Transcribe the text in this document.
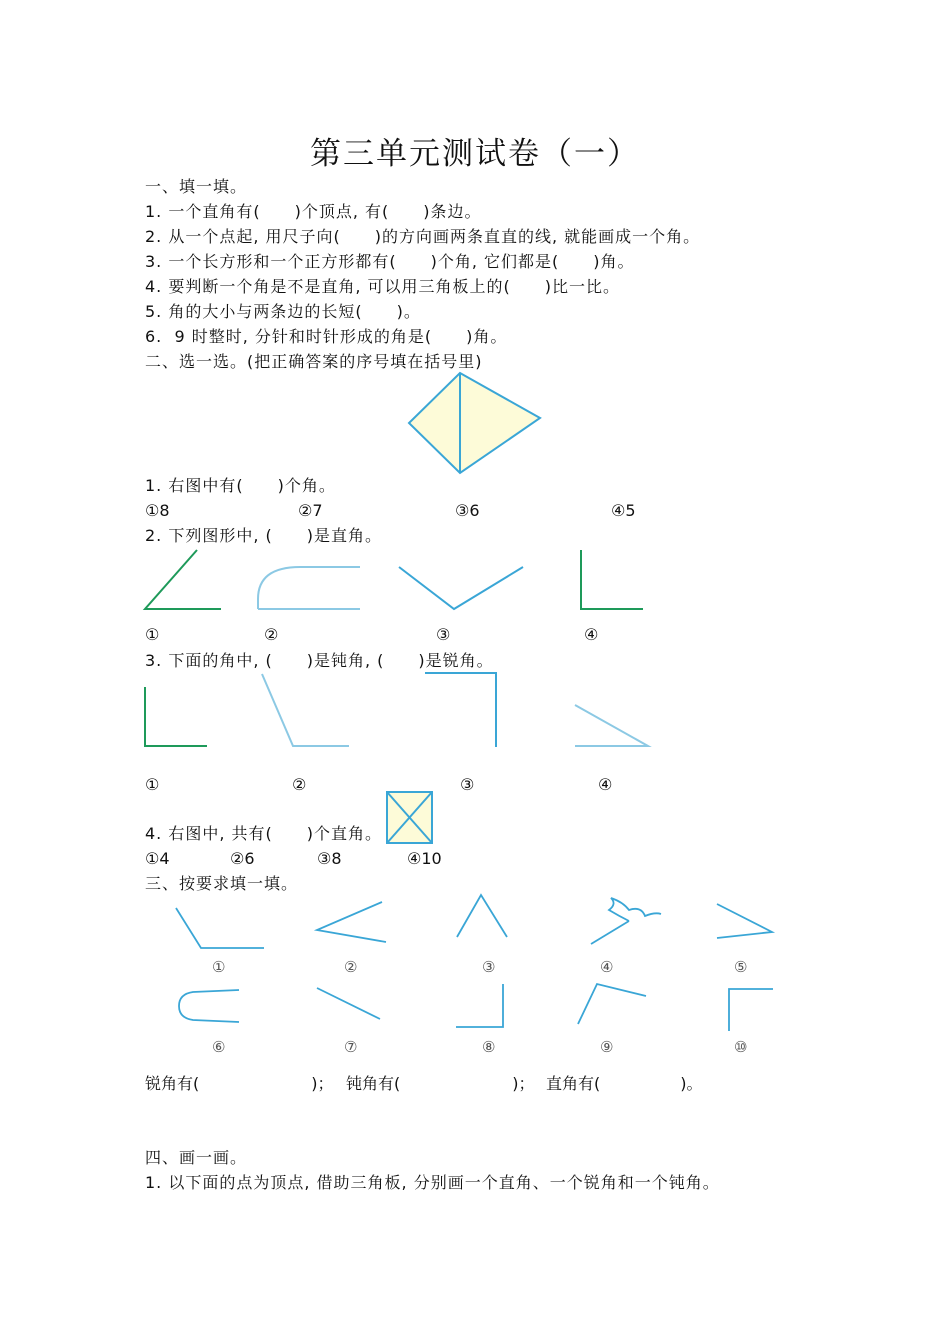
第三单元测试卷（一）
一、填一填。
1. 一个直角有(　　)个顶点, 有(　　)条边。
2. 从一个点起, 用尺子向(　　)的方向画两条直直的线, 就能画成一个角。
3. 一个长方形和一个正方形都有(　　)个角, 它们都是(　　)角。
4. 要判断一个角是不是直角, 可以用三角板上的(　　)比一比。
5. 角的大小与两条边的长短(　　)。
6.  9 时整时, 分针和时针形成的角是(　　)角。
二、选一选。(把正确答案的序号填在括号里)
1. 右图中有(　　)个角。
①8	②7	③6	④5
2. 下列图形中, (　　)是直角。
①	②	③	④
3. 下面的角中, (　　)是钝角, (　　)是锐角。
①	②	③	④
4. 右图中, 共有(　　)个直角。
①4	②6	③8	④10
三、按要求填一填。
①	②	③	④	⑤
⑥	⑦	⑧	⑨	⑩
锐角有(　　　　　　　)； 钝角有(　　　　　　　)； 直角有(　　　　　)。
四、画一画。
1. 以下面的点为顶点, 借助三角板, 分别画一个直角、一个锐角和一个钝角。
